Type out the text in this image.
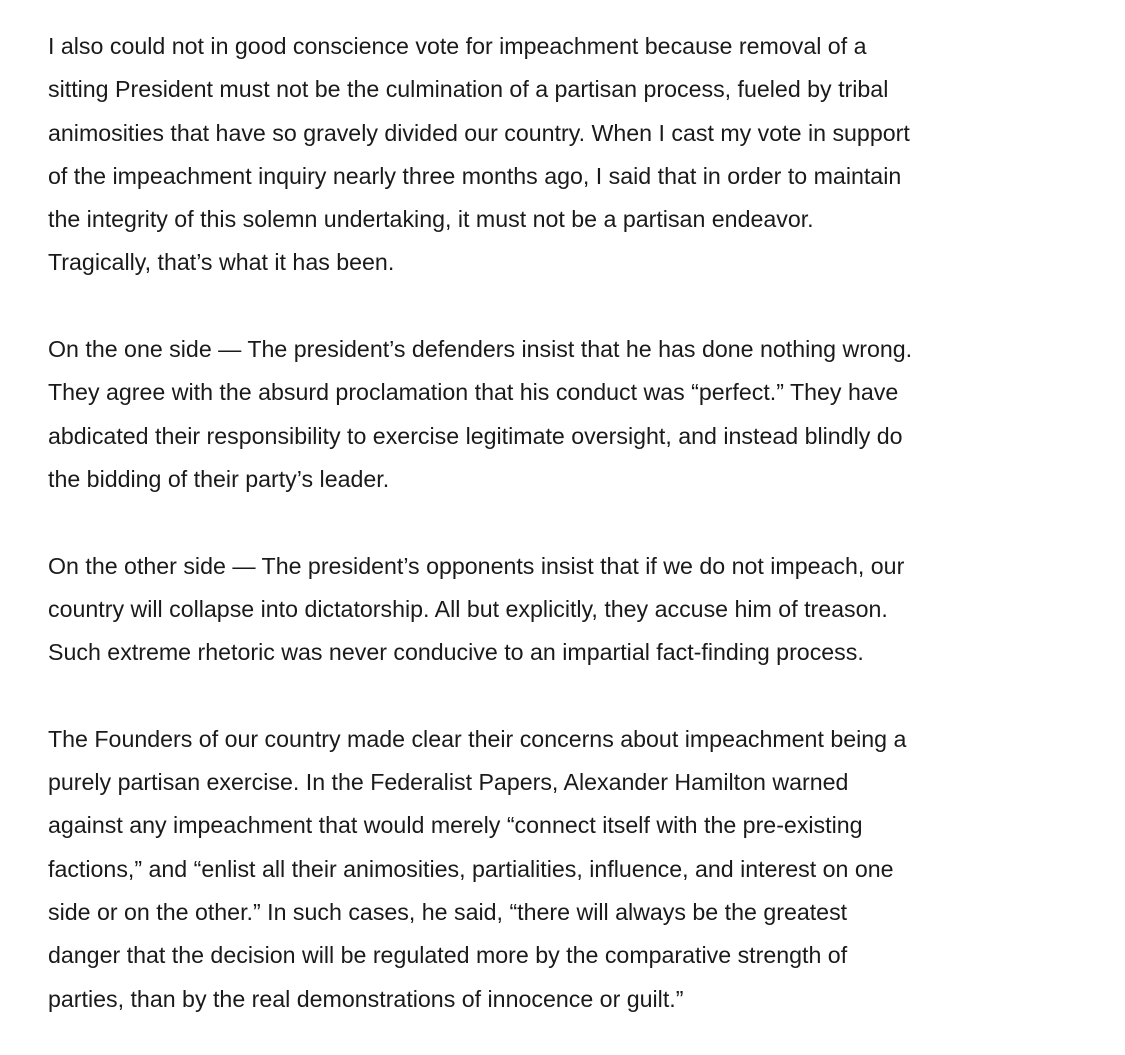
I also could not in good conscience vote for impeachment because removal of a
sitting President must not be the culmination of a partisan process, fueled by tribal
animosities that have so gravely divided our country. When I cast my vote in support
of the impeachment inquiry nearly three months ago, I said that in order to maintain
the integrity of this solemn undertaking, it must not be a partisan endeavor.
Tragically, that’s what it has been.

On the one side — The president’s defenders insist that he has done nothing wrong.
They agree with the absurd proclamation that his conduct was “perfect.” They have
abdicated their responsibility to exercise legitimate oversight, and instead blindly do
the bidding of their party’s leader.

On the other side — The president’s opponents insist that if we do not impeach, our
country will collapse into dictatorship. All but explicitly, they accuse him of treason.
Such extreme rhetoric was never conducive to an impartial fact-finding process.

The Founders of our country made clear their concerns about impeachment being a
purely partisan exercise. In the Federalist Papers, Alexander Hamilton warned
against any impeachment that would merely “connect itself with the pre-existing
factions,” and “enlist all their animosities, partialities, influence, and interest on one
side or on the other.” In such cases, he said, “there will always be the greatest
danger that the decision will be regulated more by the comparative strength of
parties, than by the real demonstrations of innocence or guilt.”
